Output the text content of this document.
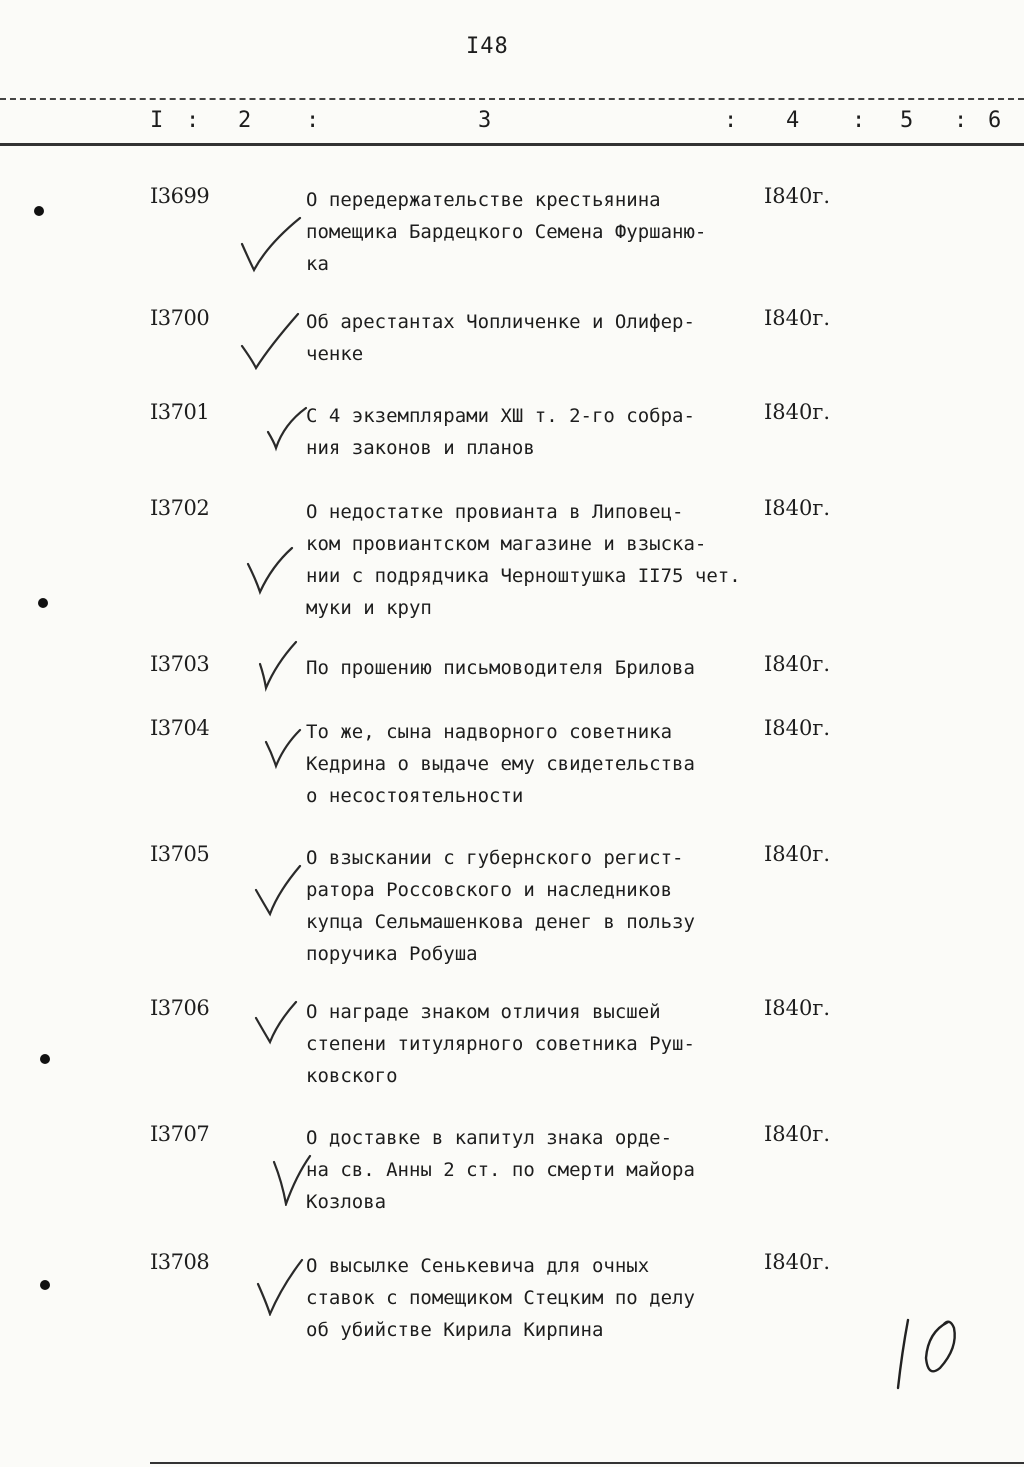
I48
I : 2 :	3	: 4 : 5 : 6
I3699	О передержательстве крестьянина
помещика Бардецкого Семена Фуршаню-
ка
I840г.
I3700	Об арестантах Чопличенке и Олифер-
ченке
I840г.
I3701	С 4 экземплярами ХШ т. 2-го собра-
ния законов и планов
I840г.
I3702	О недостатке провианта в Липовец-
ком провиантском магазине и взыска-
нии с подрядчика Черноштушка II75 чет.
муки и круп
I840г.
I3703	По прошению письмоводителя Брилова	I840г.
I3704	То же, сына надворного советника
Кедрина о выдаче ему свидетельства
о несостоятельности
I840г.
I3705	О взыскании с губернского регист-
ратора Россовского и наследников
купца Сельмашенкова денег в пользу
поручика Робуша
I840г.
I3706	О награде знаком отличия высшей
степени титулярного советника Руш-
ковского
I840г.
I3707	О доставке в капитул знака орде-
на св. Анны 2 ст. по смерти майора
Козлова
I840г.
I3708	О высылке Сенькевича для очных
ставок с помещиком Стецким по делу
об убийстве Кирила Кирпина
I840г.
